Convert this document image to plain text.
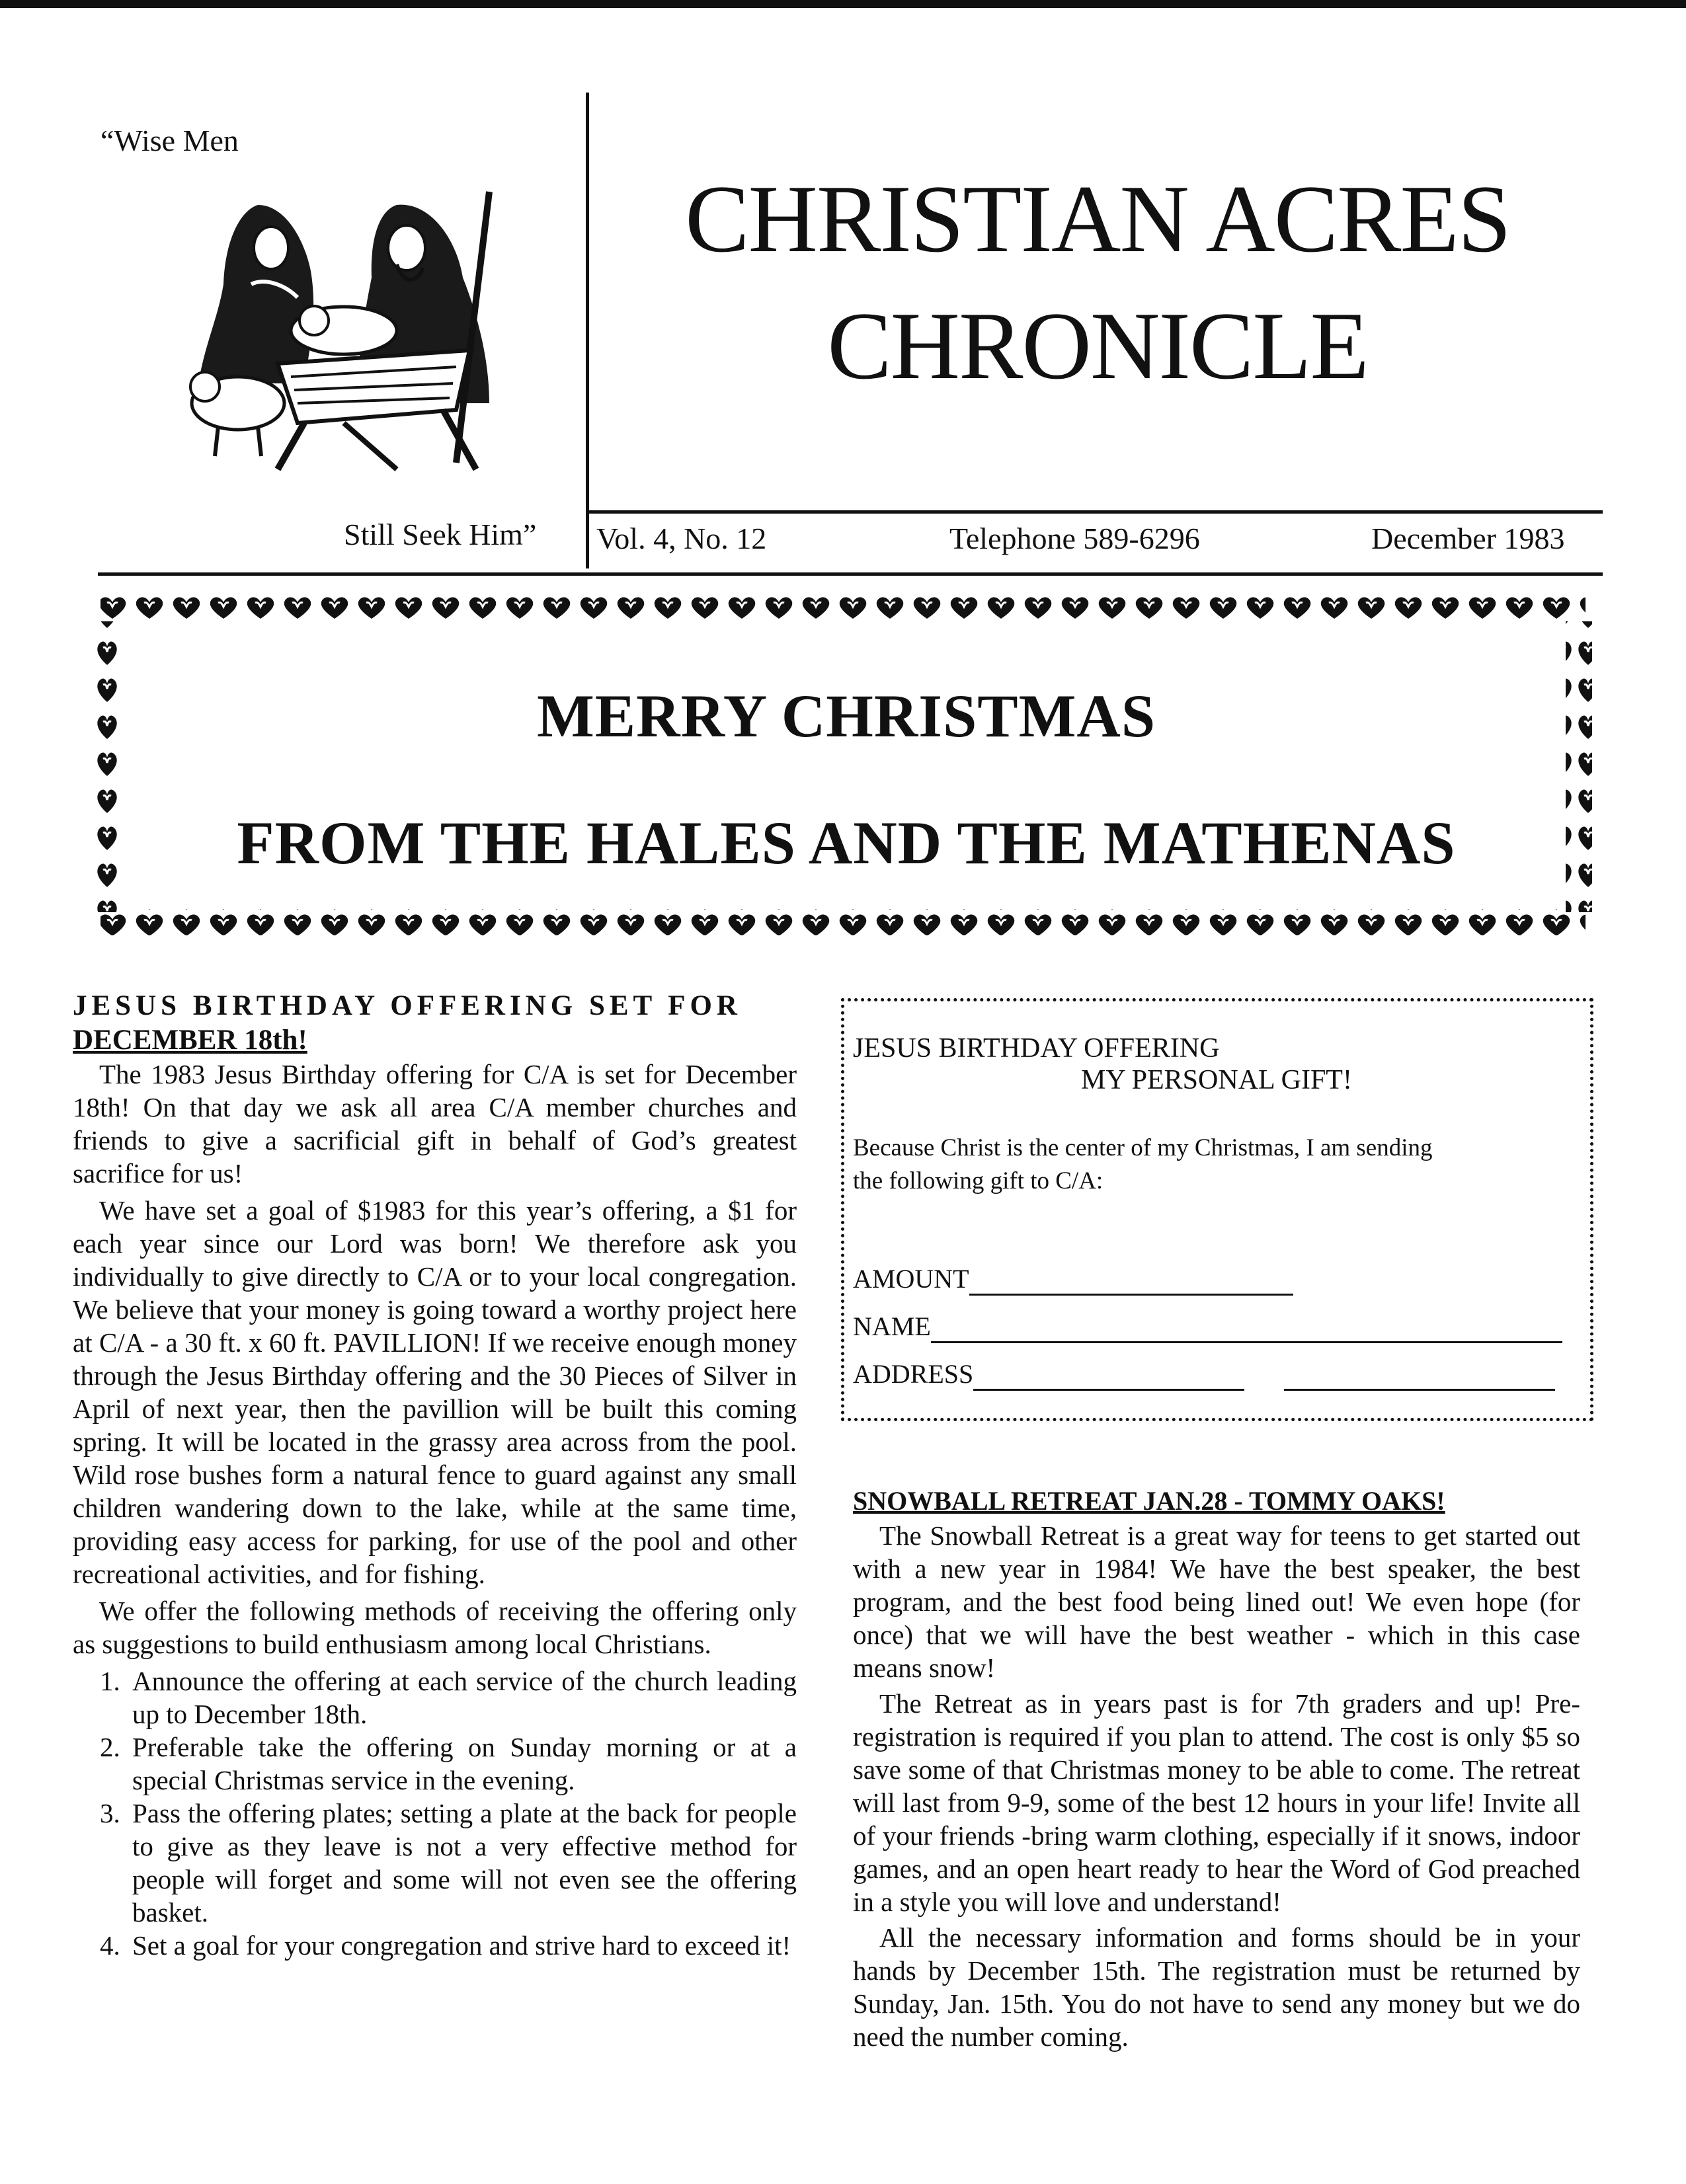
“Wise Men
Still Seek Him”
CHRISTIAN ACRES
CHRONICLE
Vol. 4, No. 12	Telephone 589-6296	December 1983
MERRY CHRISTMAS
FROM THE HALES AND THE MATHENAS
JESUS BIRTHDAY OFFERING SET FOR
DECEMBER 18th!

The 1983 Jesus Birthday offering for C/A is set for December 18th! On that day we ask all area C/A member churches and friends to give a sacrificial gift in behalf of God’s greatest sacrifice for us!

We have set a goal of $1983 for this year’s offering, a $1 for each year since our Lord was born! We therefore ask you individually to give directly to C/A or to your local congregation. We believe that your money is going toward a worthy project here at C/A - a 30 ft. x 60 ft. PAVILLION! If we receive enough money through the Jesus Birthday offering and the 30 Pieces of Silver in April of next year, then the pavillion will be built this coming spring. It will be located in the grassy area across from the pool. Wild rose bushes form a natural fence to guard against any small children wandering down to the lake, while at the same time, providing easy access for parking, for use of the pool and other recreational activities, and for fishing.

We offer the following methods of receiving the offering only as suggestions to build enthusiasm among local Christians.

1. Announce the offering at each service of the church leading up to December 18th.
2. Preferable take the offering on Sunday morning or at a special Christmas service in the evening.
3. Pass the offering plates; setting a plate at the back for people to give as they leave is not a very effective method for people will forget and some will not even see the offering basket.
4. Set a goal for your congregation and strive hard to exceed it!
JESUS BIRTHDAY OFFERING
MY PERSONAL GIFT!
Because Christ is the center of my Christmas, I am sending the following gift to C/A:
AMOUNT
NAME
ADDRESS
SNOWBALL RETREAT JAN.28 - TOMMY OAKS!

The Snowball Retreat is a great way for teens to get started out with a new year in 1984! We have the best speaker, the best program, and the best food being lined out! We even hope (for once) that we will have the best weather - which in this case means snow!

The Retreat as in years past is for 7th graders and up! Pre-registration is required if you plan to attend. The cost is only $5 so save some of that Christmas money to be able to come. The retreat will last from 9-9, some of the best 12 hours in your life! Invite all of your friends -bring warm clothing, especially if it snows, indoor games, and an open heart ready to hear the Word of God preached in a style you will love and understand!

All the necessary information and forms should be in your hands by December 15th. The registration must be returned by Sunday, Jan. 15th. You do not have to send any money but we do need the number coming.
